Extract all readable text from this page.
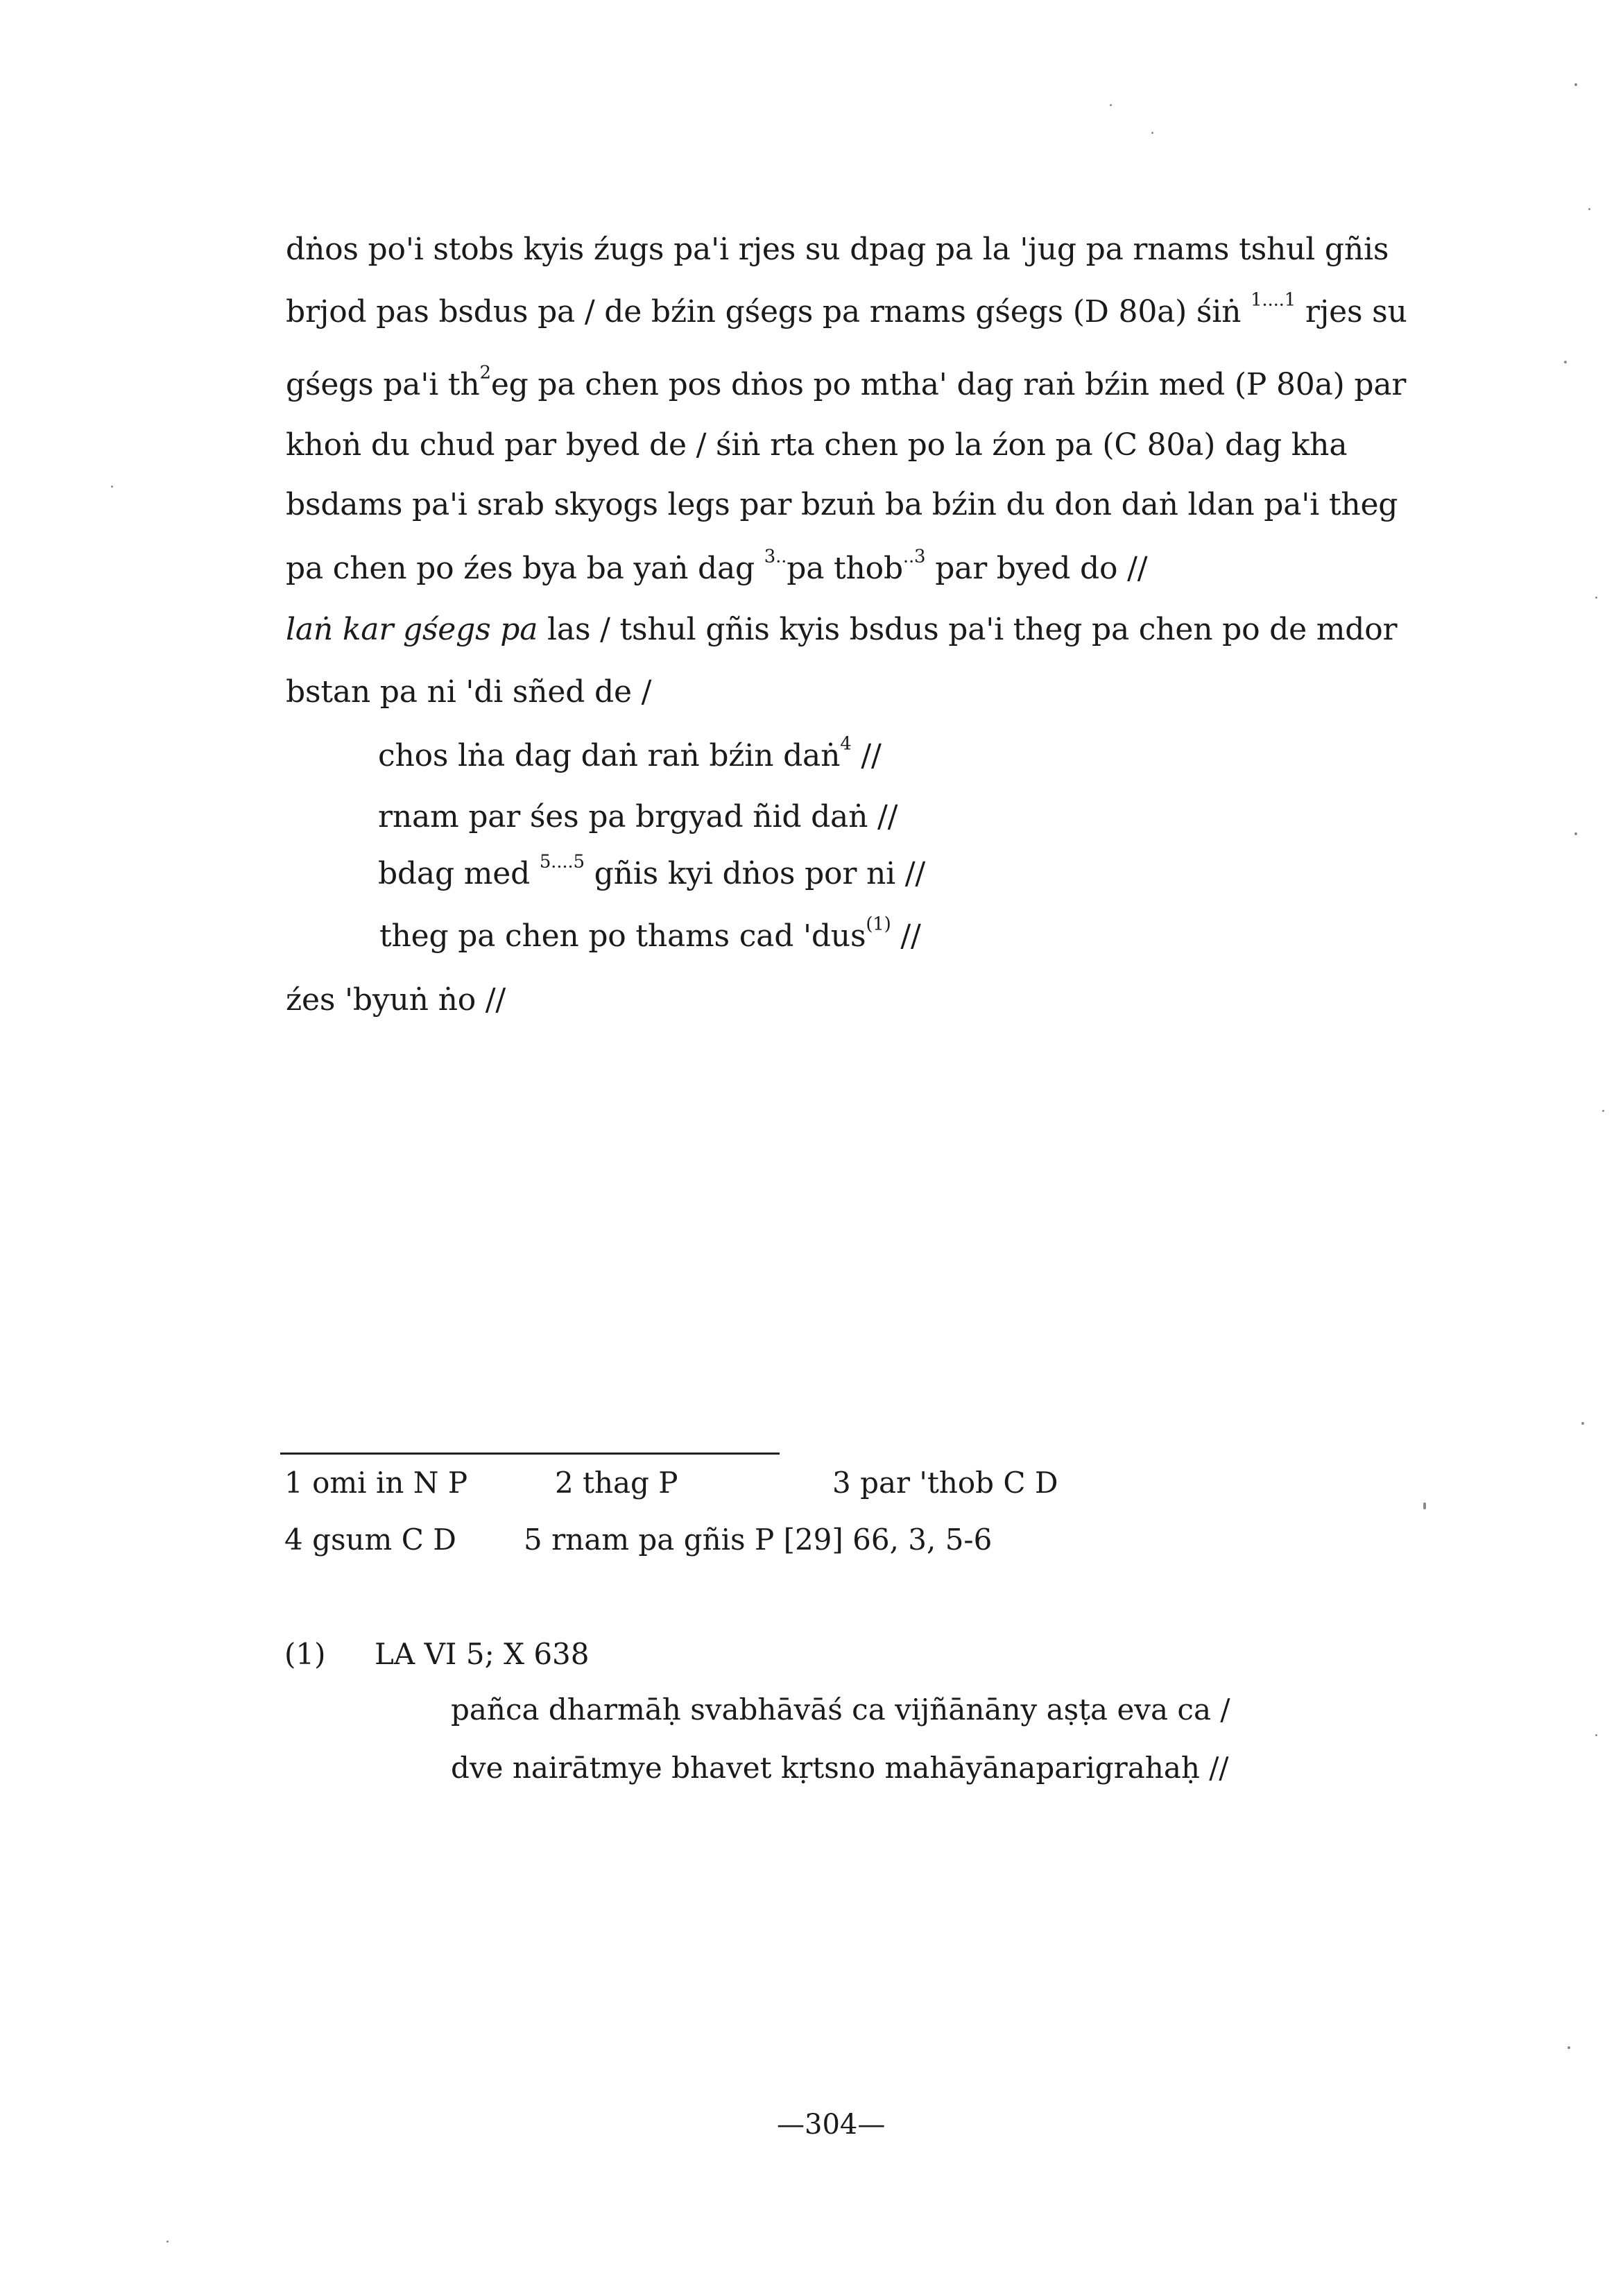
dṅos po'i stobs kyis źugs pa'i rjes su dpag pa la 'jug pa rnams tshul gñis
brjod pas bsdus pa / de bźin gśegs pa rnams gśegs (D 80a) śiṅ $^{1....1}$ rjes su
gśegs pa'i $th^2eg$ pa chen pos dṅos po mtha' dag raṅ bźin med (P 80a) par
khoṅ du chud par byed de / śiṅ rta chen po la źon pa (C 80a) dag kha
bsdams pa'i srab skyogs legs par bzuṅ ba bźin du don daṅ ldan pa'i theg
pa chen po źes bya ba yaṅ dag $^{3..}$pa thob$^{..3}$ par byed do //
laṅ kar gśegs pa las / tshul gñis kyis bsdus pa'i theg pa chen po de mdor
bstan pa ni 'di sñed de /
chos lṅa dag daṅ raṅ bźin daṅ$^4$ //
rnam par śes pa brgyad ñid daṅ //
bdag med $^{5....5}$ gñis kyi dṅos por ni //
theg pa chen po thams cad 'dus$^{(1)}$ //
źes 'byuṅ ṅo //
1 omi in N P	2 thag P	3 par 'thob C D
4 gsum C D 5 rnam pa gñis P [29] 66, 3, 5-6
(1) LA VI 5; X 638
pañca dharmāḥ svabhāvāś ca vijñānāny aṣṭa eva ca /
dve nairātmye bhavet kṛtsno mahāyānaparigrahaḥ //
—304—
